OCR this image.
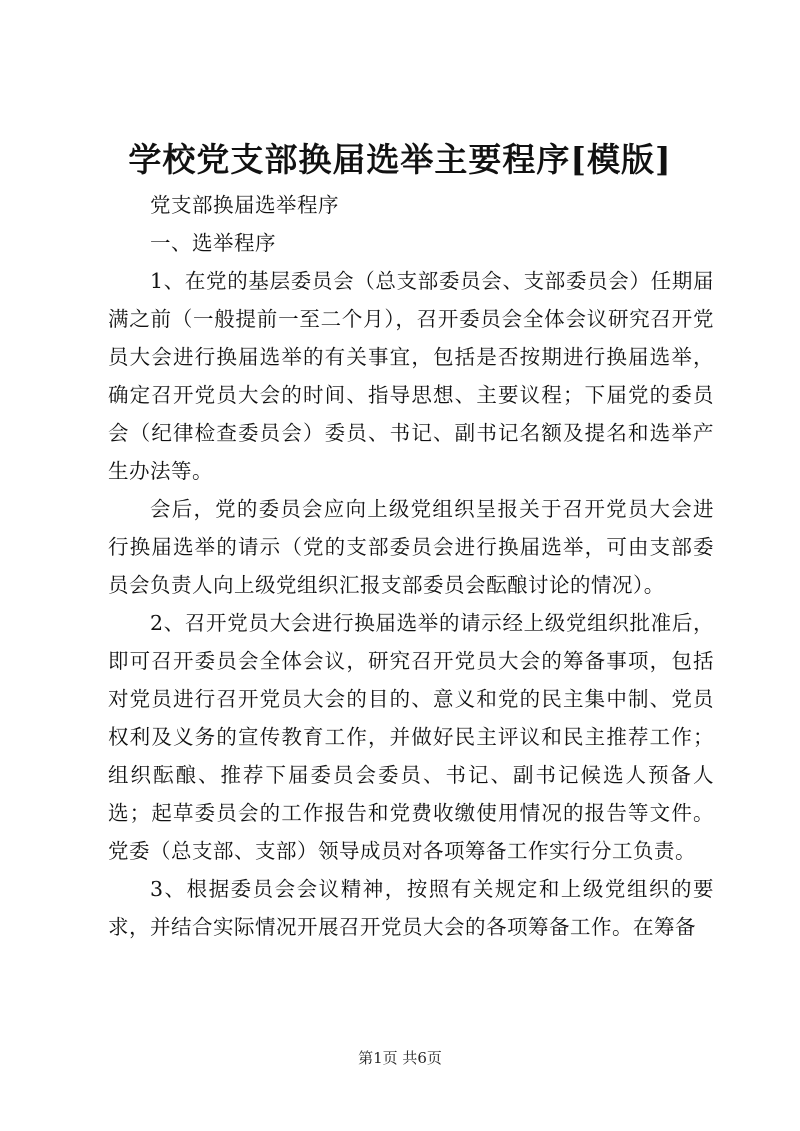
学校党支部换届选举主要程序[模版]

党支部换届选举程序

一、选举程序

1、在党的基层委员会（总支部委员会、支部委员会）任期届满之前（一般提前一至二个月），召开委员会全体会议研究召开党员大会进行换届选举的有关事宜，包括是否按期进行换届选举，确定召开党员大会的时间、指导思想、主要议程；下届党的委员会（纪律检查委员会）委员、书记、副书记名额及提名和选举产生办法等。

会后，党的委员会应向上级党组织呈报关于召开党员大会进行换届选举的请示（党的支部委员会进行换届选举，可由支部委员会负责人向上级党组织汇报支部委员会酝酿讨论的情况）。

2、召开党员大会进行换届选举的请示经上级党组织批准后，即可召开委员会全体会议，研究召开党员大会的筹备事项，包括对党员进行召开党员大会的目的、意义和党的民主集中制、党员权利及义务的宣传教育工作，并做好民主评议和民主推荐工作；组织酝酿、推荐下届委员会委员、书记、副书记候选人预备人选；起草委员会的工作报告和党费收缴使用情况的报告等文件。党委（总支部、支部）领导成员对各项筹备工作实行分工负责。

3、根据委员会会议精神，按照有关规定和上级党组织的要求，并结合实际情况开展召开党员大会的各项筹备工作。在筹备

第1页 共6页
